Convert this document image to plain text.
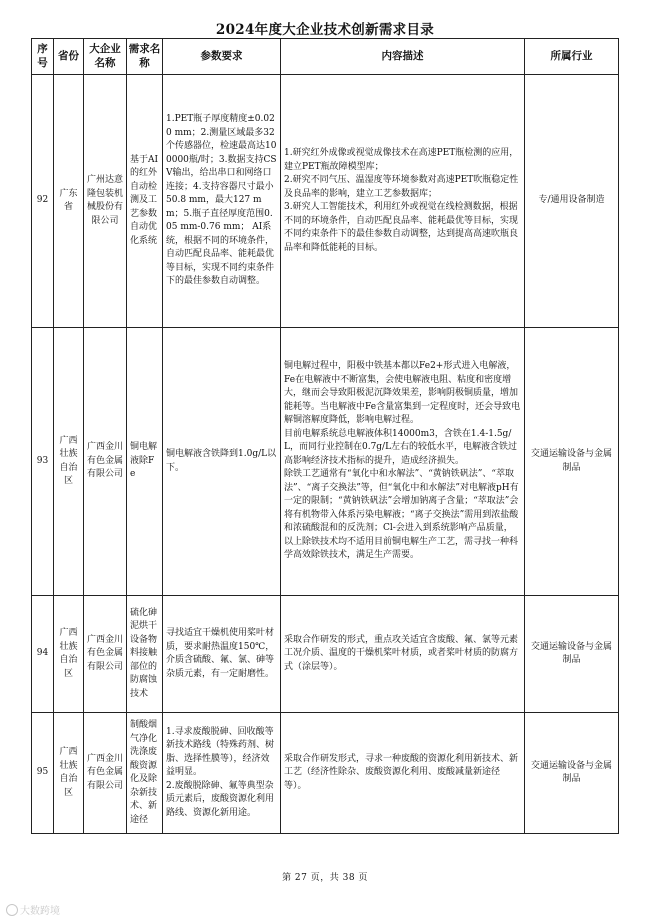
2024年度大企业技术创新需求目录
序号	省份	大企业名称	需求名称	参数要求	内容描述	所属行业
92	广东省	广州达意隆包装机械股份有限公司	基于AI的红外自动检测及工艺参数自动优化系统	1.PET瓶子厚度精度±0.020 mm；2.测量区域最多32个传感器位，检速最高达100000瓶/时；3.数据支持CSV输出，给出串口和网络口连接；4.支持容器尺寸最小50.8 mm，最大127 mm；5.瓶子直径厚度范围0.05 mm-0.76 mm； AI系统，根据不同的环境条件，自动匹配良品率、能耗最优等目标，实现不同约束条件下的最佳参数自动调整。	1.研究红外成像或视觉成像技术在高速PET瓶检测的应用，建立PET瓶故障模型库；
2.研究不同气压、温湿度等环境参数对高速PET吹瓶稳定性及良品率的影响，建立工艺参数据库；
3.研究人工智能技术，利用红外或视觉在线检测数据，根据不同的环境条件，自动匹配良品率、能耗最优等目标，实现不同约束条件下的最佳参数自动调整，达到提高高速吹瓶良品率和降低能耗的目标。	专/通用设备制造
93	广西壮族自治区	广西金川有色金属有限公司	铜电解液除Fe	铜电解液含铁降到1.0g/L以下。	铜电解过程中，阳极中铁基本都以Fe2+形式进入电解液，Fe在电解液中不断富集，会使电解液电阻、粘度和密度增大，继而会导致阳极泥沉降效果差，影响阴极铜质量，增加能耗等。当电解液中Fe含量富集到一定程度时，还会导致电解铜溶解度降低，影响电解过程。
目前电解系统总电解液体积14000m3，含铁在1.4-1.5g/L，而同行业控制在0.7g/L左右的较低水平，电解液含铁过高影响经济技术指标的提升，造成经济损失。
除铁工艺通常有“氧化中和水解法”、“黄钠铁矾法”、“萃取法”、“离子交换法”等，但“氧化中和水解法”对电解液pH有一定的限制；“黄钠铁矾法”会增加钠离子含量；“萃取法”会将有机物带入体系污染电解液；“离子交换法”需用到浓盐酸和浓硫酸混和的反洗剂；Cl-会进入到系统影响产品质量，以上除铁技术均不适用目前铜电解生产工艺，需寻找一种科学高效除铁技术，满足生产需要。	交通运输设备与金属制品
94	广西壮族自治区	广西金川有色金属有限公司	硫化砷泥烘干设备物料接触部位的防腐蚀技术	寻找适宜干燥机使用桨叶材质，要求耐热温度150℃，介质含硫酸、氟、氯、砷等杂质元素，有一定耐磨性。	采取合作研发的形式，重点攻关适宜含废酸、氟、氯等元素工况介质、温度的干燥机桨叶材质，或者桨叶材质的防腐方式（涂层等）。	交通运输设备与金属制品
95	广西壮族自治区	广西金川有色金属有限公司	制酸烟气净化洗涤废酸资源化及除杂新技术、新途径	1.寻求废酸脱砷、回收酸等新技术路线（特殊药剂、树脂、选择性膜等），经济效益明显。
2.废酸脱除砷、氟等典型杂质元素后，废酸资源化利用路线、资源化新用途。	采取合作研发形式，寻求一种废酸的资源化利用新技术、新工艺（经济性除杂、废酸资源化利用、废酸减量新途径等）。	交通运输设备与金属制品
第 27 页，共 38 页
大数跨境
